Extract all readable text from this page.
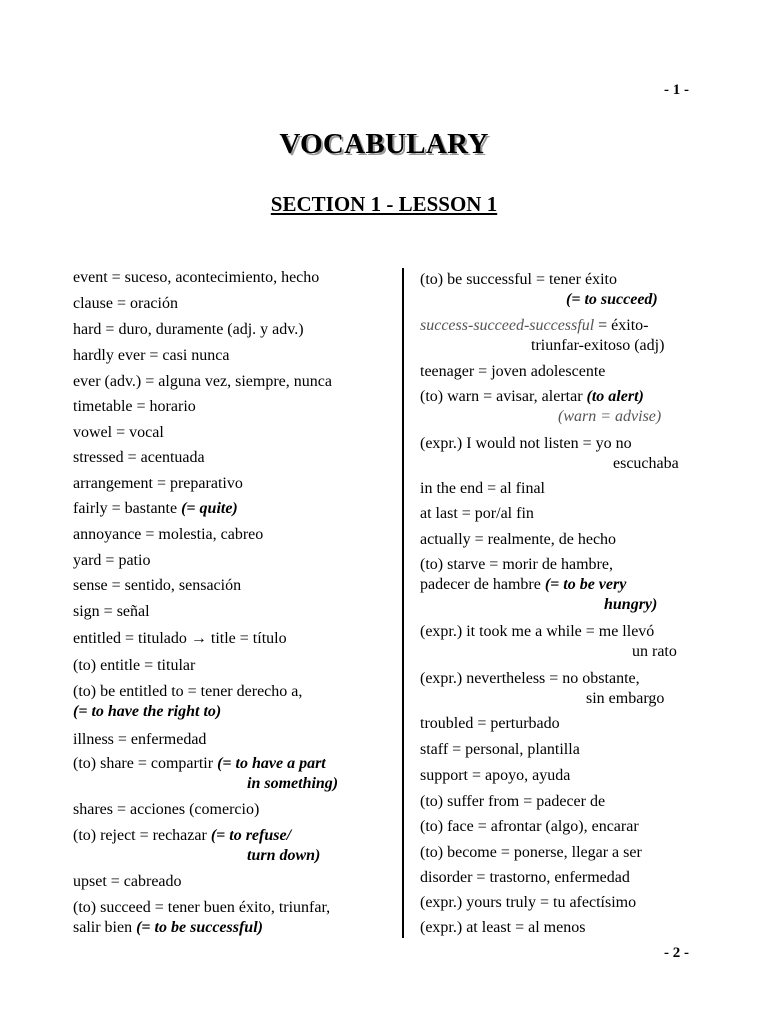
- 1 -
VOCABULARY
SECTION 1 - LESSON 1
event = suceso, acontecimiento, hecho
clause = oración
hard = duro, duramente (adj. y adv.)
hardly ever = casi nunca
ever (adv.) = alguna vez, siempre, nunca
timetable = horario
vowel = vocal
stressed = acentuada
arrangement = preparativo
fairly = bastante (= quite)
annoyance = molestia, cabreo
yard = patio
sense = sentido, sensación
sign = señal
entitled = titulado → title = título
(to) entitle = titular
(to) be entitled to = tener derecho a,
(= to have the right to)
illness = enfermedad
(to) share = compartir (= to have a part
in something)
shares = acciones (comercio)
(to) reject = rechazar (= to refuse/
turn down)
upset = cabreado
(to) succeed = tener buen éxito, triunfar,
salir bien (= to be successful)
(to) be successful = tener éxito
(= to succeed)
success-succeed-successful = éxito-
triunfar-exitoso (adj)
teenager = joven adolescente
(to) warn = avisar, alertar (to alert)
(warn = advise)
(expr.) I would not listen = yo no
escuchaba
in the end = al final
at last = por/al fin
actually = realmente, de hecho
(to) starve = morir de hambre,
padecer de hambre (= to be very
hungry)
(expr.) it took me a while = me llevó
un rato
(expr.) nevertheless = no obstante,
sin embargo
troubled = perturbado
staff = personal, plantilla
support = apoyo, ayuda
(to) suffer from = padecer de
(to) face = afrontar (algo), encarar
(to) become = ponerse, llegar a ser
disorder = trastorno, enfermedad
(expr.) yours truly = tu afectísimo
(expr.) at least = al menos
- 2 -
